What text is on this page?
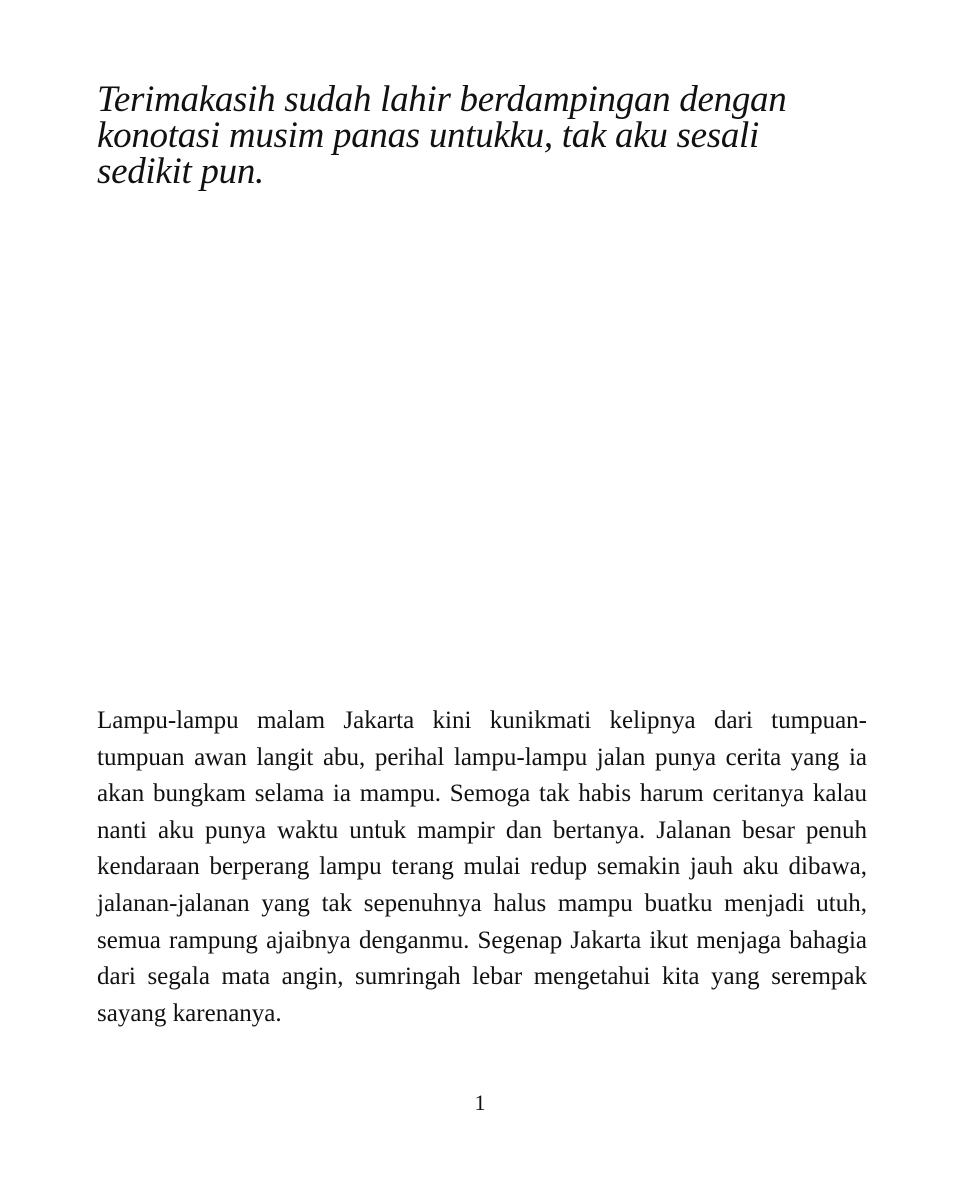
Terimakasih sudah lahir berdampingan dengan konotasi musim panas untukku, tak aku sesali sedikit pun.

Lampu-lampu malam Jakarta kini kunikmati kelipnya dari tumpuan-tumpuan awan langit abu, perihal lampu-lampu jalan punya cerita yang ia akan bungkam selama ia mampu. Semoga tak habis harum ceritanya kalau nanti aku punya waktu untuk mampir dan bertanya. Jalanan besar penuh kendaraan berperang lampu terang mulai redup semakin jauh aku dibawa, jalanan-jalanan yang tak sepenuhnya halus mampu buatku menjadi utuh, semua rampung ajaibnya denganmu. Segenap Jakarta ikut menjaga bahagia dari segala mata angin, sumringah lebar mengetahui kita yang serempak sayang karenanya.

1
